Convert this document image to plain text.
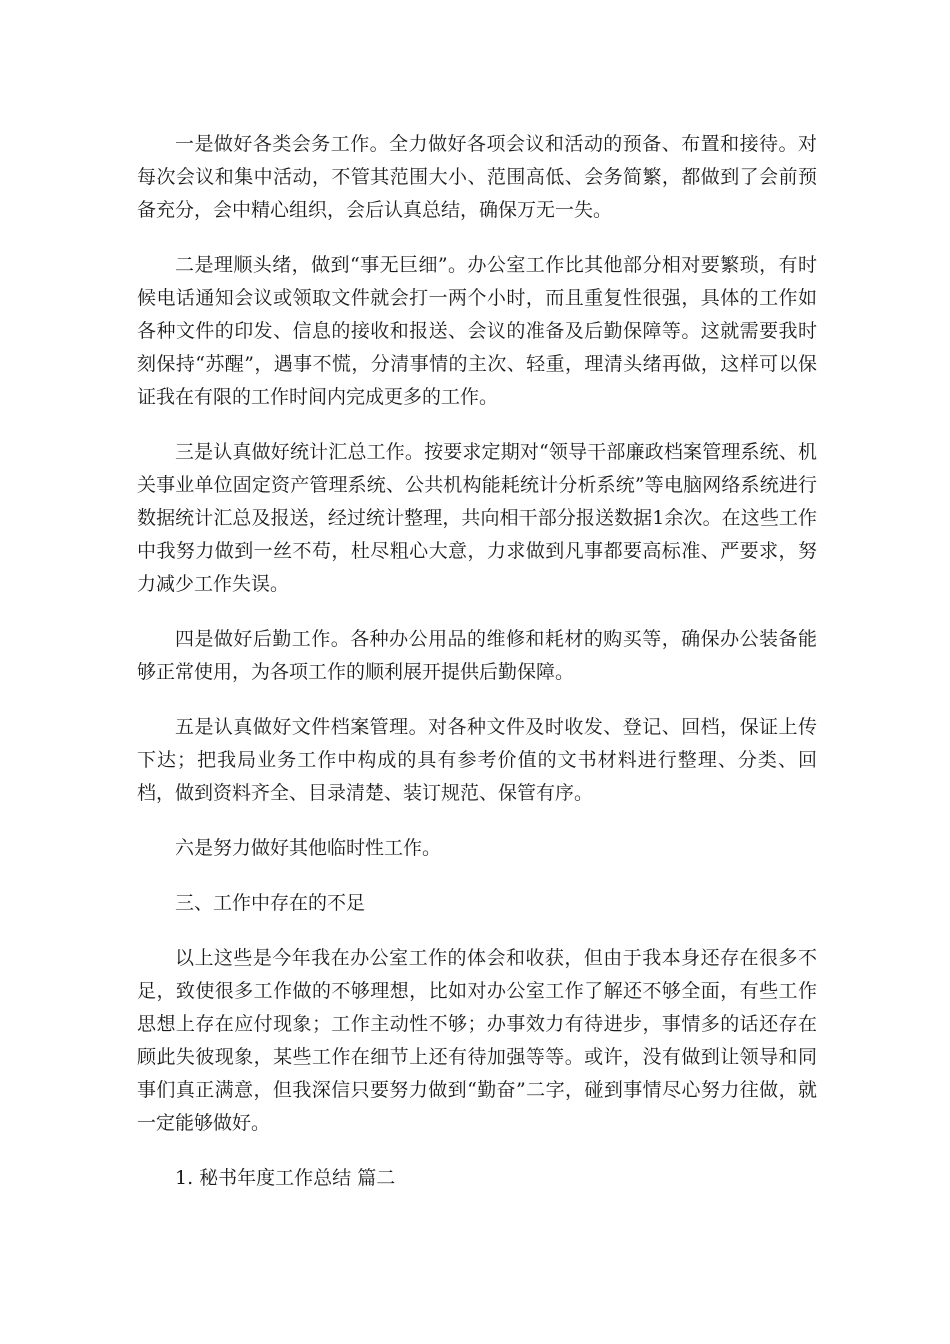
一是做好各类会务工作。全力做好各项会议和活动的预备、布置和接待。对每次会议和集中活动，不管其范围大小、范围高低、会务简繁，都做到了会前预备充分，会中精心组织，会后认真总结，确保万无一失。

二是理顺头绪，做到“事无巨细”。办公室工作比其他部分相对要繁琐，有时候电话通知会议或领取文件就会打一两个小时，而且重复性很强，具体的工作如各种文件的印发、信息的接收和报送、会议的准备及后勤保障等。这就需要我时刻保持“苏醒”，遇事不慌，分清事情的主次、轻重，理清头绪再做，这样可以保证我在有限的工作时间内完成更多的工作。

三是认真做好统计汇总工作。按要求定期对“领导干部廉政档案管理系统、机关事业单位固定资产管理系统、公共机构能耗统计分析系统”等电脑网络系统进行数据统计汇总及报送，经过统计整理，共向相干部分报送数据1余次。在这些工作中我努力做到一丝不苟，杜尽粗心大意，力求做到凡事都要高标准、严要求，努力减少工作失误。

四是做好后勤工作。各种办公用品的维修和耗材的购买等，确保办公装备能够正常使用，为各项工作的顺利展开提供后勤保障。

五是认真做好文件档案管理。对各种文件及时收发、登记、回档，保证上传下达；把我局业务工作中构成的具有参考价值的文书材料进行整理、分类、回档，做到资料齐全、目录清楚、装订规范、保管有序。

六是努力做好其他临时性工作。

三、工作中存在的不足

以上这些是今年我在办公室工作的体会和收获，但由于我本身还存在很多不足，致使很多工作做的不够理想，比如对办公室工作了解还不够全面，有些工作思想上存在应付现象；工作主动性不够；办事效力有待进步，事情多的话还存在顾此失彼现象，某些工作在细节上还有待加强等等。或许，没有做到让领导和同事们真正满意，但我深信只要努力做到“勤奋”二字，碰到事情尽心努力往做，就一定能够做好。

1. 秘书年度工作总结 篇二
